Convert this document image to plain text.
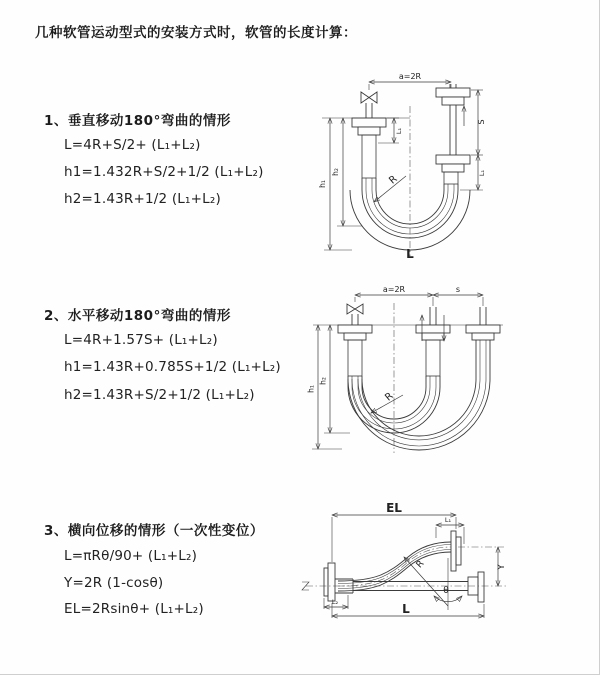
几种软管运动型式的安装方式时，软管的长度计算：
1、垂直移动180°弯曲的情形
L=4R+S/2+ (L₁+L₂)
h1=1.432R+S/2+1/2 (L₁+L₂)
h2=1.43R+1/2 (L₁+L₂)
2、水平移动180°弯曲的情形
L=4R+1.57S+ (L₁+L₂)
h1=1.43R+0.785S+1/2 (L₁+L₂)
h2=1.43R+S/2+1/2 (L₁+L₂)
3、横向位移的情形（一次性变位）
L=πRθ/90+ (L₁+L₂)
Y=2R (1-cosθ)
EL=2Rsinθ+ (L₁+L₂)
a=2R
S
L₁
L₁
h₁
h₂
R
L
a=2R	s
h₁
h₂
R
EL
L₁
Y
θ
R
L₂	L
